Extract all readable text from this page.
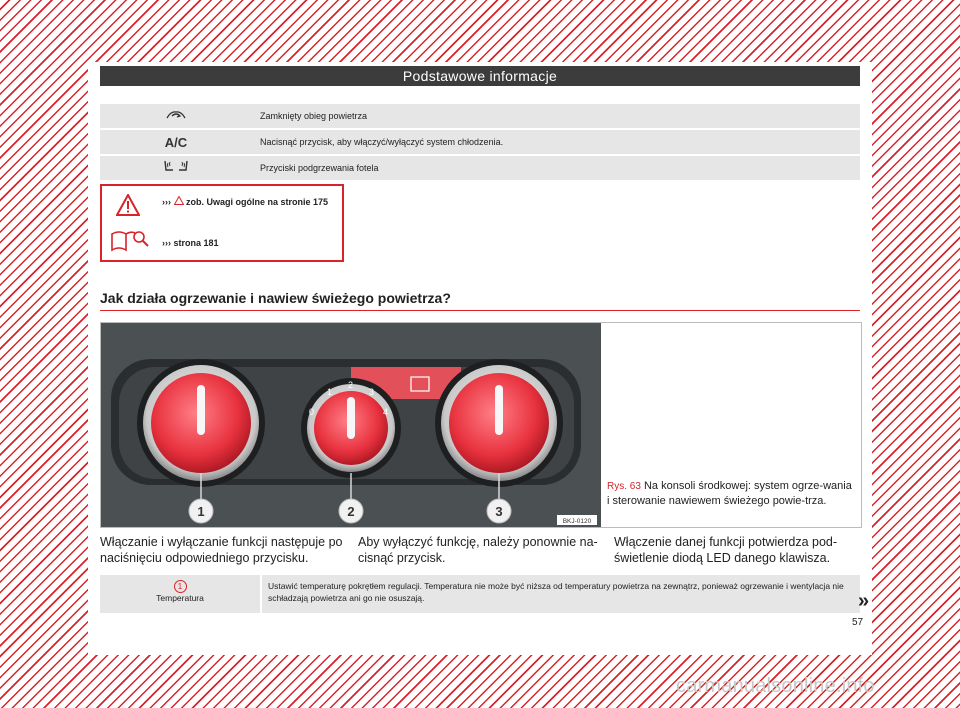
Podstawowe informacje
	Zamknięty obieg powietrza
A/C	Nacisnąć przycisk, aby włączyć/wyłączyć system chłodzenia.
	Przyciski podgrzewania fotela
›››  zob. Uwagi ogólne na stronie 175
››› strona 181
Jak działa ogrzewanie i nawiew świeżego powietrza?
0
1
2
3
4
1	2	3
BKJ-0120
Rys. 63 Na konsoli środkowej: system ogrze-wania i sterowanie nawiewem świeżego powie-trza.
Włączanie i wyłączanie funkcji następuje po naciśnięciu odpowiedniego przycisku.
Aby wyłączyć funkcję, należy ponownie na-cisnąć przycisk.
Włączenie danej funkcji potwierdza pod-świetlenie diodą LED danego klawisza.
1
Temperatura
Ustawić temperaturę pokrętłem regulacji. Temperatura nie może być niższa od temperatury powietrza na zewnątrz, ponieważ ogrzewanie i wentylacja nie schładzają powietrza ani go nie osuszają.	»
57
carmanualsonline.info
